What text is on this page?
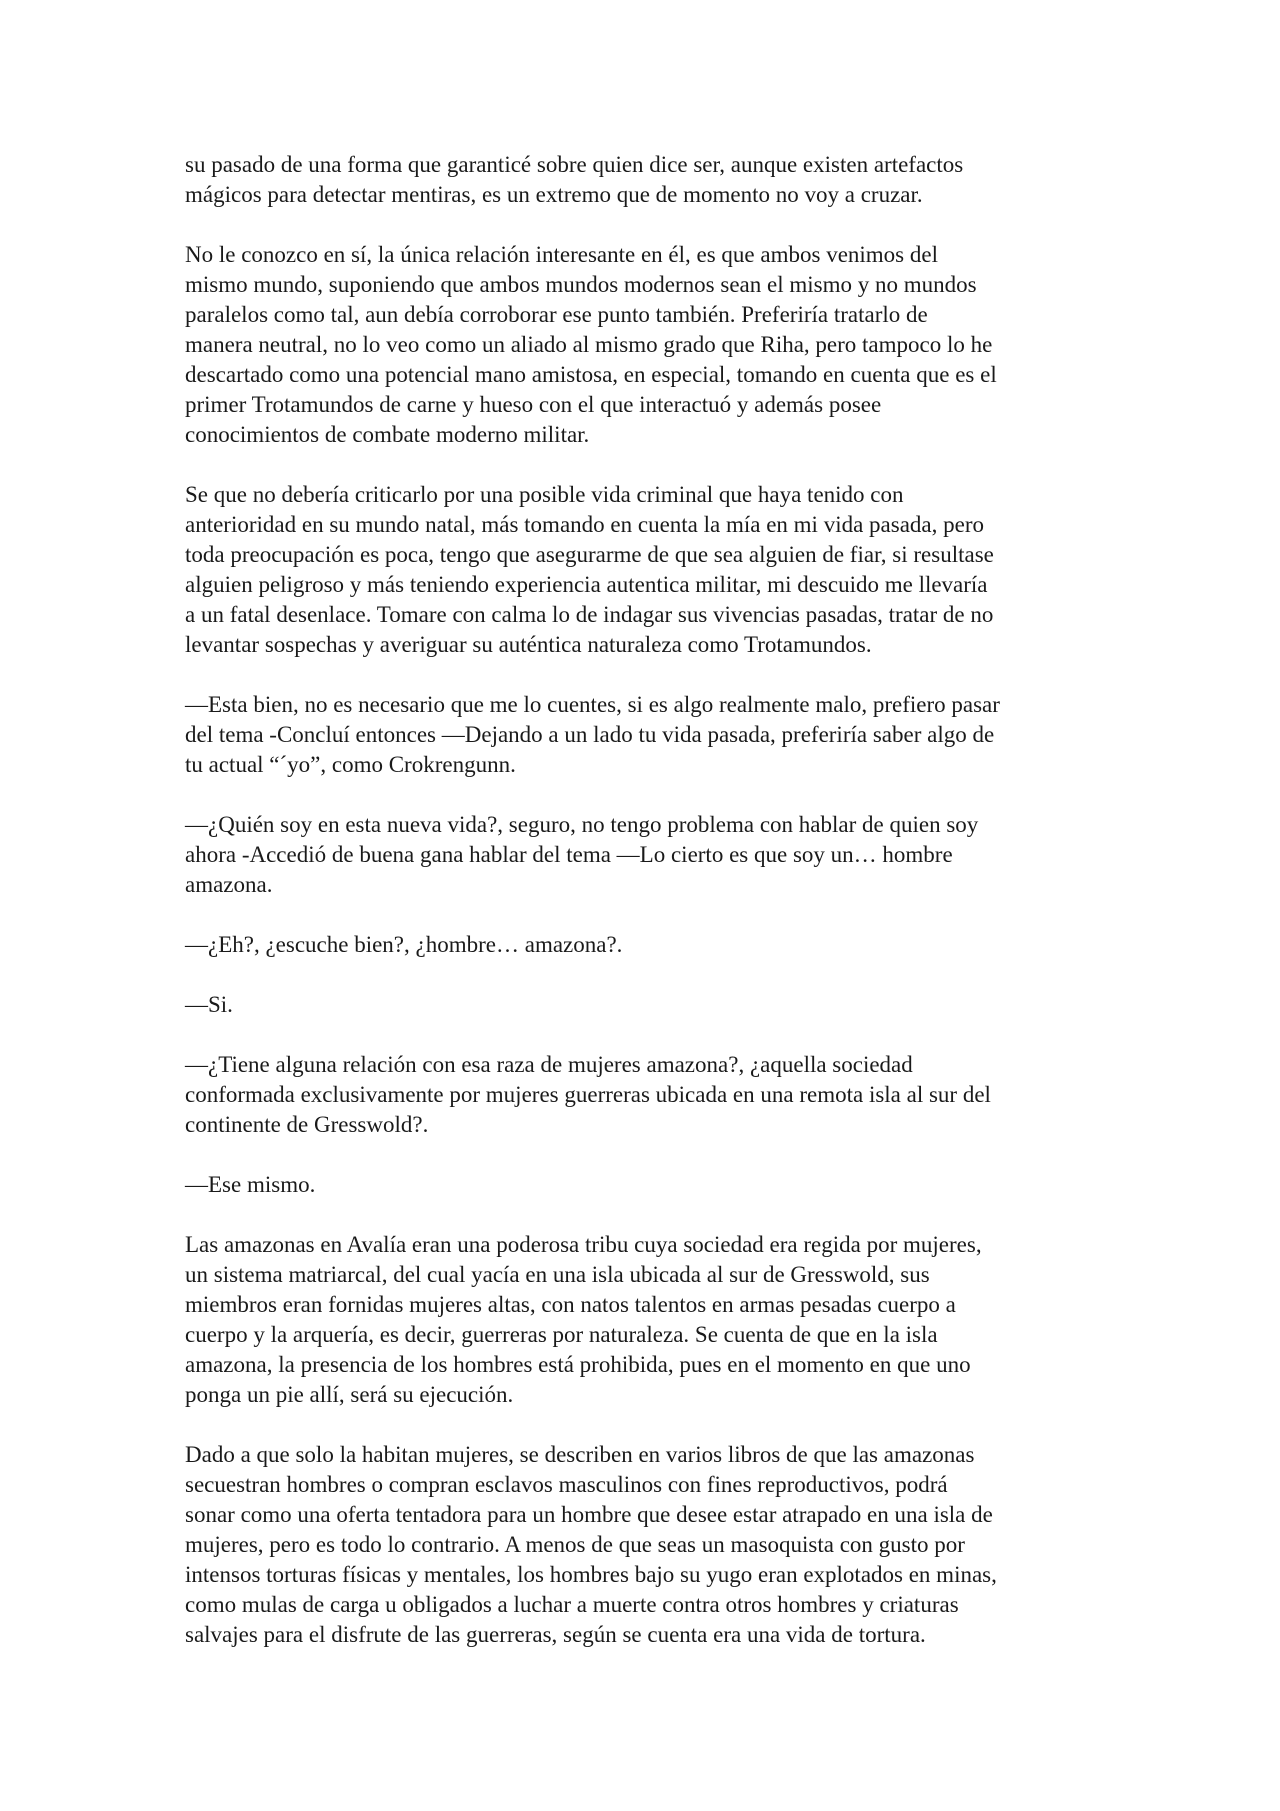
su pasado de una forma que garanticé sobre quien dice ser, aunque existen artefactos
mágicos para detectar mentiras, es un extremo que de momento no voy a cruzar.

No le conozco en sí, la única relación interesante en él, es que ambos venimos del
mismo mundo, suponiendo que ambos mundos modernos sean el mismo y no mundos
paralelos como tal, aun debía corroborar ese punto también. Preferiría tratarlo de
manera neutral, no lo veo como un aliado al mismo grado que Riha, pero tampoco lo he
descartado como una potencial mano amistosa, en especial, tomando en cuenta que es el
primer Trotamundos de carne y hueso con el que interactuó y además posee
conocimientos de combate moderno militar.

Se que no debería criticarlo por una posible vida criminal que haya tenido con
anterioridad en su mundo natal, más tomando en cuenta la mía en mi vida pasada, pero
toda preocupación es poca, tengo que asegurarme de que sea alguien de fiar, si resultase
alguien peligroso y más teniendo experiencia autentica militar, mi descuido me llevaría
a un fatal desenlace. Tomare con calma lo de indagar sus vivencias pasadas, tratar de no
levantar sospechas y averiguar su auténtica naturaleza como Trotamundos.

—Esta bien, no es necesario que me lo cuentes, si es algo realmente malo, prefiero pasar
del tema -Concluí entonces —Dejando a un lado tu vida pasada, preferiría saber algo de
tu actual “´yo”, como Crokrengunn.

—¿Quién soy en esta nueva vida?, seguro, no tengo problema con hablar de quien soy
ahora -Accedió de buena gana hablar del tema —Lo cierto es que soy un… hombre
amazona.

—¿Eh?, ¿escuche bien?, ¿hombre… amazona?.

—Si.

—¿Tiene alguna relación con esa raza de mujeres amazona?, ¿aquella sociedad
conformada exclusivamente por mujeres guerreras ubicada en una remota isla al sur del
continente de Gresswold?.

—Ese mismo.

Las amazonas en Avalía eran una poderosa tribu cuya sociedad era regida por mujeres,
un sistema matriarcal, del cual yacía en una isla ubicada al sur de Gresswold, sus
miembros eran fornidas mujeres altas, con natos talentos en armas pesadas cuerpo a
cuerpo y la arquería, es decir, guerreras por naturaleza. Se cuenta de que en la isla
amazona, la presencia de los hombres está prohibida, pues en el momento en que uno
ponga un pie allí, será su ejecución.

Dado a que solo la habitan mujeres, se describen en varios libros de que las amazonas
secuestran hombres o compran esclavos masculinos con fines reproductivos, podrá
sonar como una oferta tentadora para un hombre que desee estar atrapado en una isla de
mujeres, pero es todo lo contrario. A menos de que seas un masoquista con gusto por
intensos torturas físicas y mentales, los hombres bajo su yugo eran explotados en minas,
como mulas de carga u obligados a luchar a muerte contra otros hombres y criaturas
salvajes para el disfrute de las guerreras, según se cuenta era una vida de tortura.
